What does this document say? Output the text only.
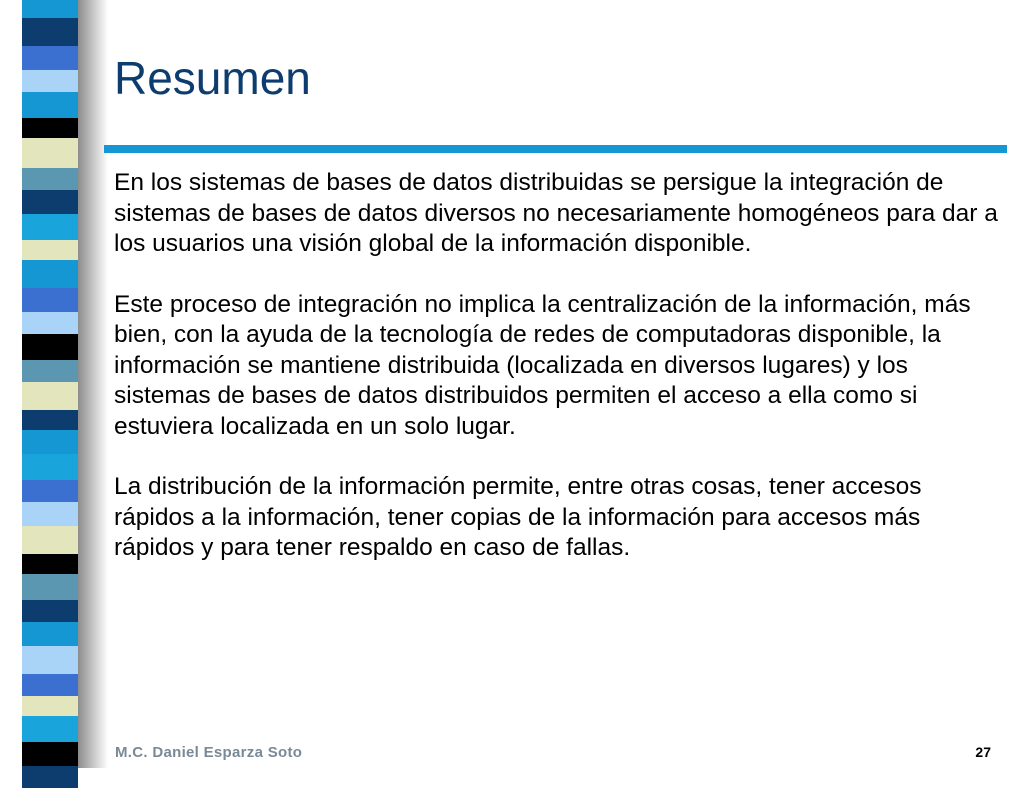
Resumen

En los sistemas de bases de datos distribuidas se persigue la integración de sistemas de bases de datos diversos no necesariamente homogéneos para dar a los usuarios una visión global de la información disponible.

Este proceso de integración no implica la centralización de la información, más bien, con la ayuda de la tecnología de redes de computadoras disponible, la información se mantiene distribuida (localizada en diversos lugares) y los sistemas de bases de datos distribuidos permiten el acceso a ella como si estuviera localizada en un solo lugar.

La distribución de la información permite, entre otras cosas, tener accesos rápidos a la información, tener copias de la información para accesos más rápidos y para tener respaldo en caso de fallas.

M.C. Daniel Esparza Soto	27
